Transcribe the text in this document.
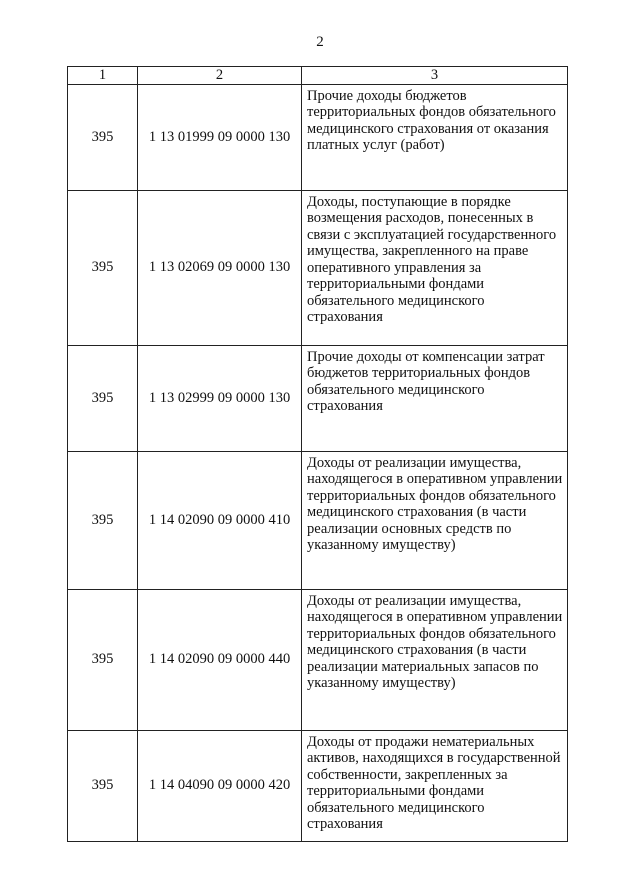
2
1	2	3
395	1 13 01999 09 0000 130	Прочие доходы бюджетов территориальных фондов обязательного медицинского страхования от оказания платных услуг (работ)
395	1 13 02069 09 0000 130	Доходы, поступающие в порядке возмещения расходов, понесенных в связи с эксплуатацией государственного имущества, закрепленного на праве оперативного управления за территориальными фондами обязательного медицинского страхования
395	1 13 02999 09 0000 130	Прочие доходы от компенсации затрат бюджетов территориальных фондов обязательного медицинского страхования
395	1 14 02090 09 0000 410	Доходы от реализации имущества, находящегося в оперативном управлении территориальных фондов обязательного медицинского страхования (в части реализации основных средств по указанному имуществу)
395	1 14 02090 09 0000 440	Доходы от реализации имущества, находящегося в оперативном управлении территориальных фондов обязательного медицинского страхования (в части реализации материальных запасов по указанному имуществу)
395	1 14 04090 09 0000 420	Доходы от продажи нематериальных активов, находящихся в государственной собственности, закрепленных за территориальными фондами обязательного медицинского страхования
